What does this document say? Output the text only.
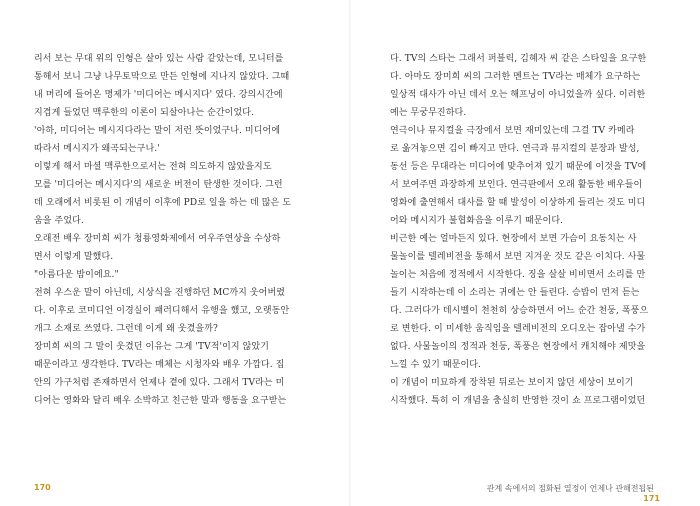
리서 보는 무대 위의 인형은 살아 있는 사람 같았는데, 모니터를
통해서 보니 그냥 나무토막으로 만든 인형에 지나지 않았다. 그때
내 머리에 들어온 명제가 '미디어는 메시지다' 였다. 강의시간에
지겹게 들었던 맥루한의 이론이 되살아나는 순간이었다.
'아하, 미디어는 메시지다라는 말이 저런 뜻이었구나. 미디어에
따라서 메시지가 왜곡되는구나.'
이렇게 해서 마셜 맥루한으로서는 전혀 의도하지 않았을지도
모를 '미디어는 메시지다'의 새로운 버전이 탄생한 것이다. 그런
데 오래에서 비롯된 이 개념이 이후에 PD로 일을 하는 데 많은 도
움을 주었다.
오래전 배우 장미희 씨가 청룡영화제에서 여우주연상을 수상하
면서 이렇게 말했다.
"아름다운 밤이에요."
전혀 우스운 말이 아닌데, 시상식을 진행하던 MC까지 웃어버렸
다. 이후로 코미디언 이경실이 패러디해서 유행을 했고, 오랫동안
개그 소재로 쓰였다. 그런데 이게 왜 웃겼을까?
장미희 씨의 그 말이 웃겼던 이유는 그게 'TV적'이지 않았기
때문이라고 생각한다. TV라는 매체는 시청자와 배우 가깝다. 집
안의 가구처럼 존재하면서 언제나 곁에 있다. 그래서 TV라는 미
디어는 영화와 달리 배우 소박하고 친근한 말과 행동을 요구받는
다. TV의 스타는 그래서 퍼블릭, 김혜자 씨 같은 스타일을 요구한
다. 아마도 장미희 씨의 그러한 멘트는 TV라는 매체가 요구하는
일상적 대사가 아닌 데서 오는 해프닝이 아니었을까 싶다. 이러한
예는 무궁무진하다.
연극이나 뮤지컬을 극장에서 보면 재미있는데 그걸 TV 카메라
로 옮겨놓으면 김이 빠지고 만다. 연극과 뮤지컬의 분장과 발성,
동선 등은 무대라는 미디어에 맞추어져 있기 때문에 이것을 TV에
서 보여주면 과장하게 보인다. 연극판에서 오래 활동한 배우들이
영화에 출연해서 대사를 할 때 발성이 이상하게 들리는 것도 미디
어와 메시지가 불협화음을 이루기 때문이다.
비근한 예는 얼마든지 있다. 현장에서 보면 가슴이 요동치는 사
물놀이를 텔레비전을 통해서 보면 지겨운 것도 같은 이치다. 사물
놀이는 처음에 정적에서 시작한다. 징을 살살 비비면서 소리를 만
들기 시작하는데 이 소리는 귀에는 안 들린다. 승밥이 먼저 듣는
다. 그러다가 데시벨이 천천히 상승하면서 어느 순간 천둥, 폭풍으
로 변한다. 이 미세한 움직임을 텔레비전의 오디오는 잡아낼 수가
없다. 사물놀이의 정적과 천둥, 폭풍은 현장에서 캐치해야 제맛을
느낄 수 있기 때문이다.
이 개념이 미묘하게 장착된 뒤로는 보이지 않던 세상이 보이기
시작했다. 특히 이 개념을 충실히 반영한 것이 쇼 프로그램이었던
170	관계 속에서의 점화된 열정이 언제나 관해전됩된 171
